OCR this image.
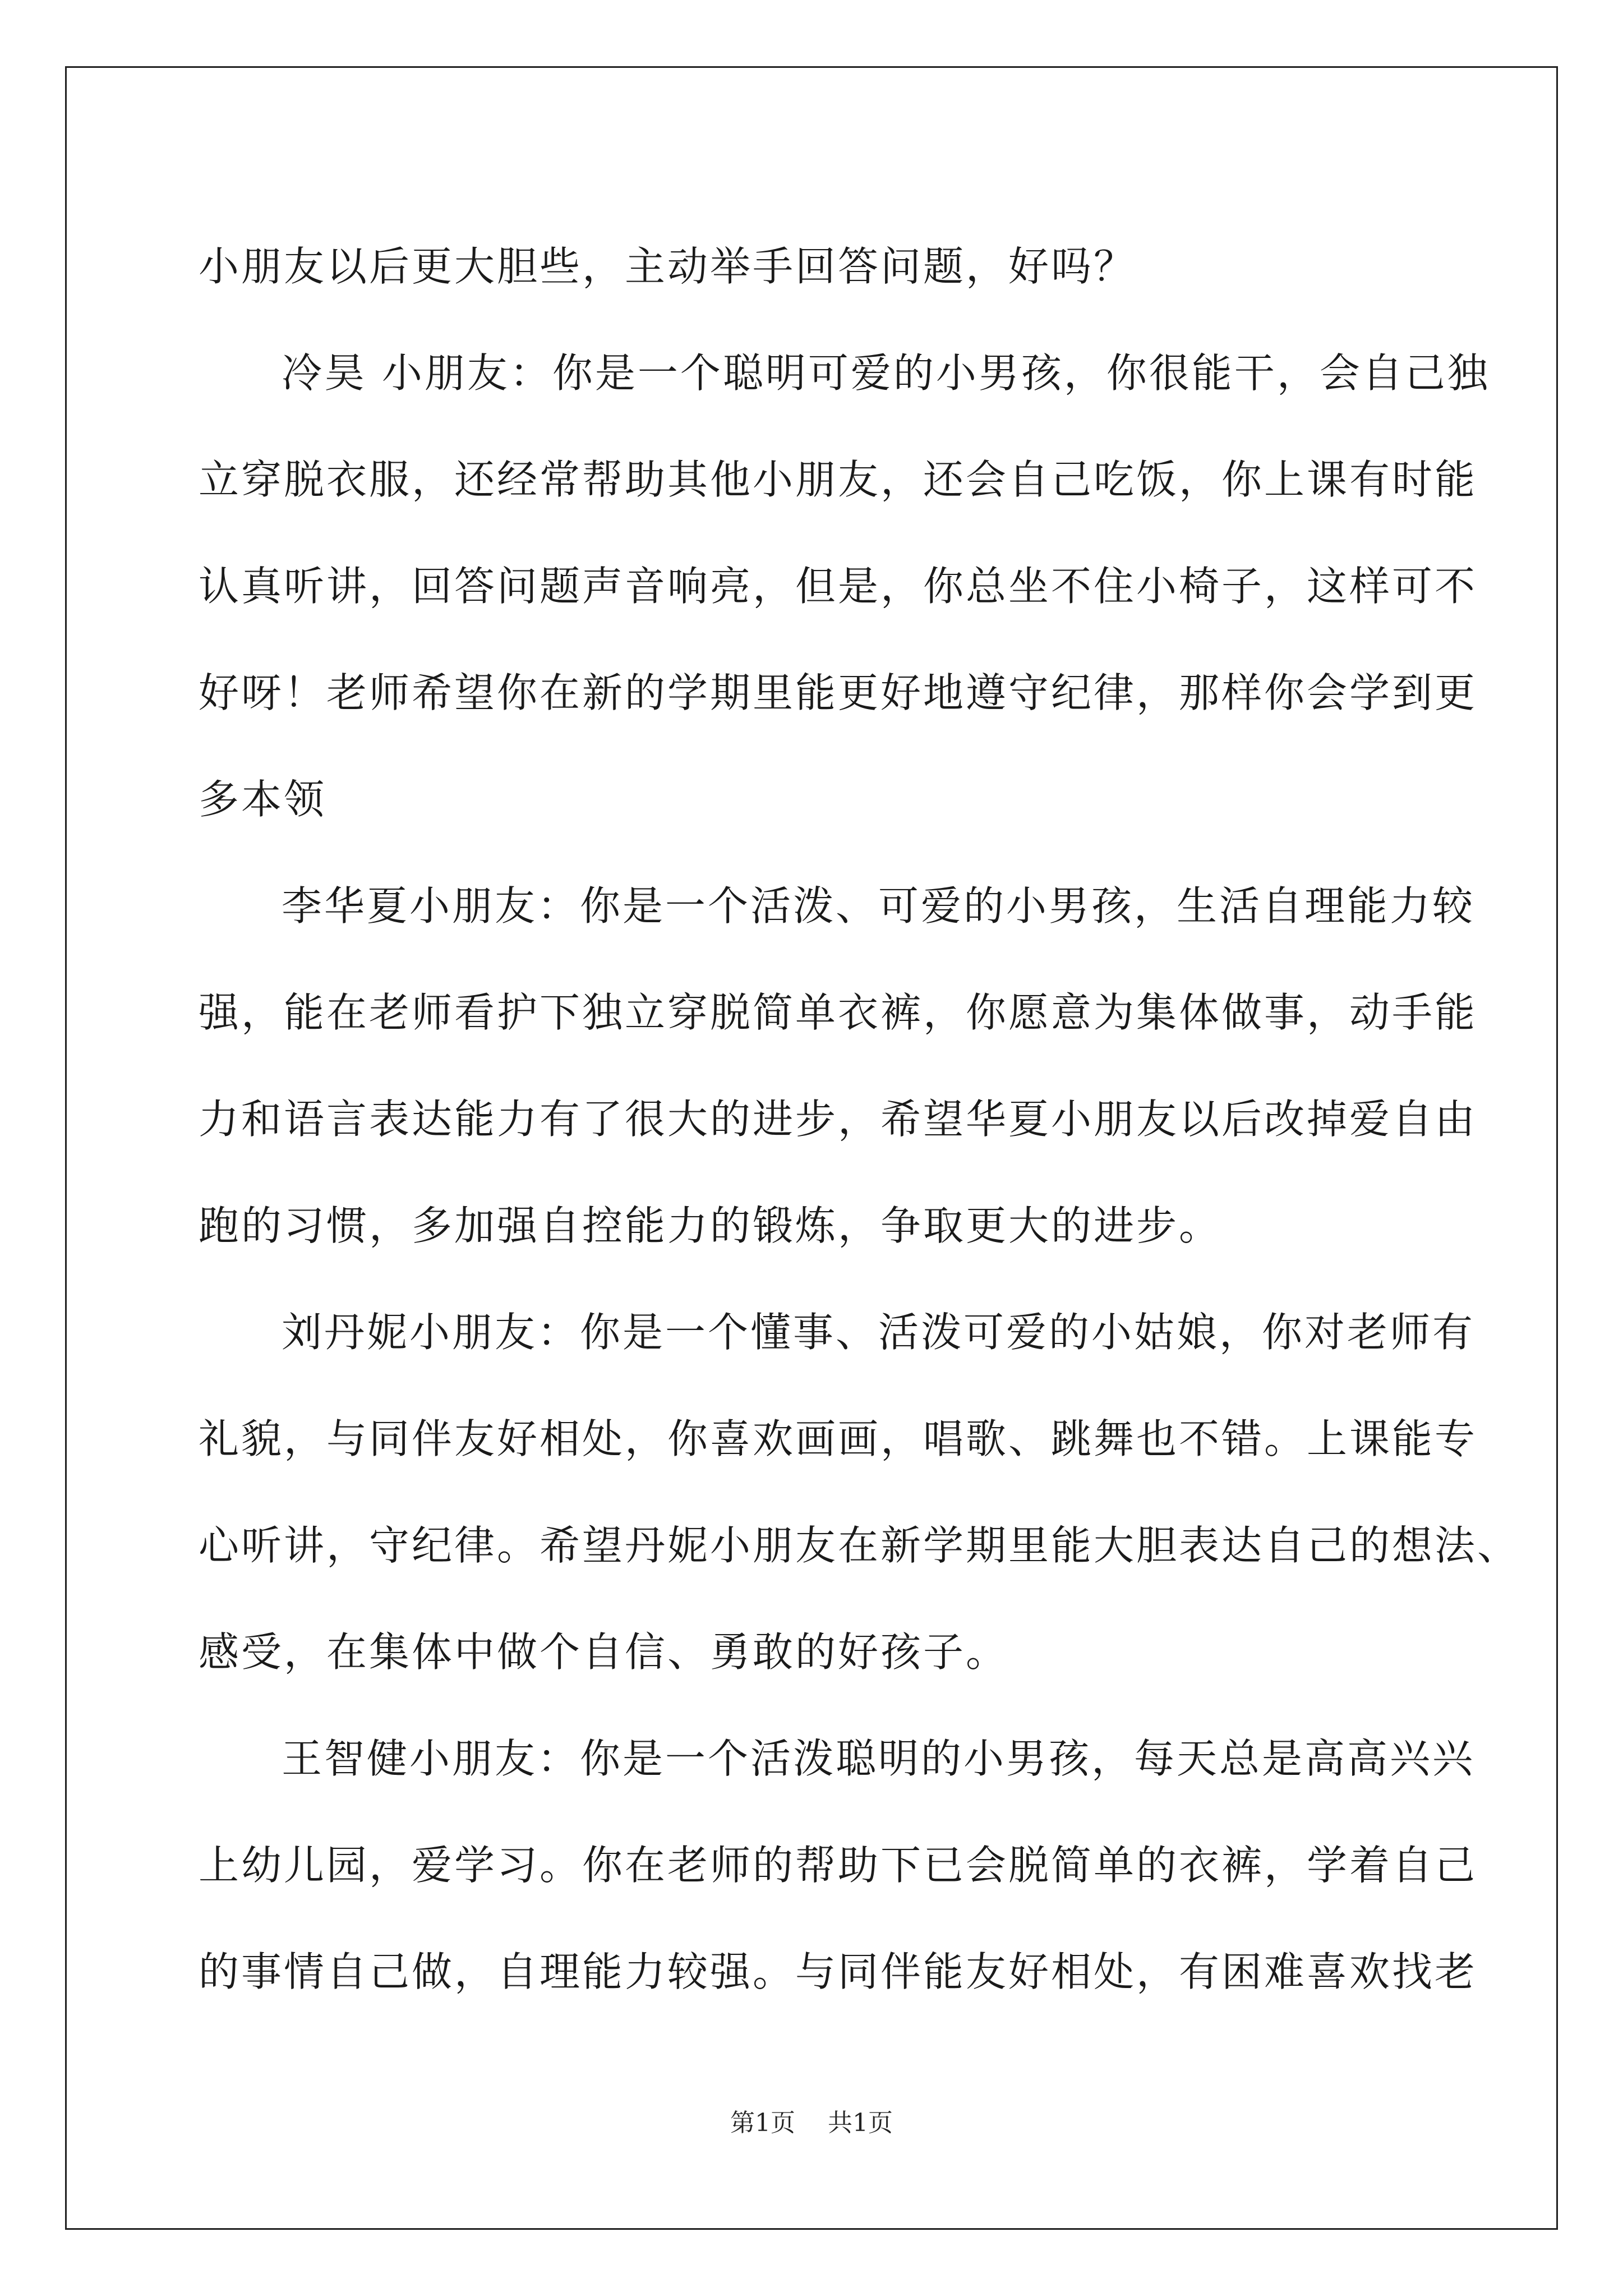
小朋友以后更大胆些，主动举手回答问题，好吗？
冷昊 小朋友：你是一个聪明可爱的小男孩，你很能干，会自己独
立穿脱衣服，还经常帮助其他小朋友，还会自己吃饭，你上课有时能
认真听讲，回答问题声音响亮，但是，你总坐不住小椅子，这样可不
好呀！老师希望你在新的学期里能更好地遵守纪律，那样你会学到更
多本领
李华夏小朋友：你是一个活泼、可爱的小男孩，生活自理能力较
强，能在老师看护下独立穿脱简单衣裤，你愿意为集体做事，动手能
力和语言表达能力有了很大的进步，希望华夏小朋友以后改掉爱自由
跑的习惯，多加强自控能力的锻炼，争取更大的进步。
刘丹妮小朋友：你是一个懂事、活泼可爱的小姑娘，你对老师有
礼貌，与同伴友好相处，你喜欢画画，唱歌、跳舞也不错。上课能专
心听讲，守纪律。希望丹妮小朋友在新学期里能大胆表达自己的想法、
感受，在集体中做个自信、勇敢的好孩子。
王智健小朋友：你是一个活泼聪明的小男孩，每天总是高高兴兴
上幼儿园，爱学习。你在老师的帮助下已会脱简单的衣裤，学着自己
的事情自己做，自理能力较强。与同伴能友好相处，有困难喜欢找老
第1页 共1页
